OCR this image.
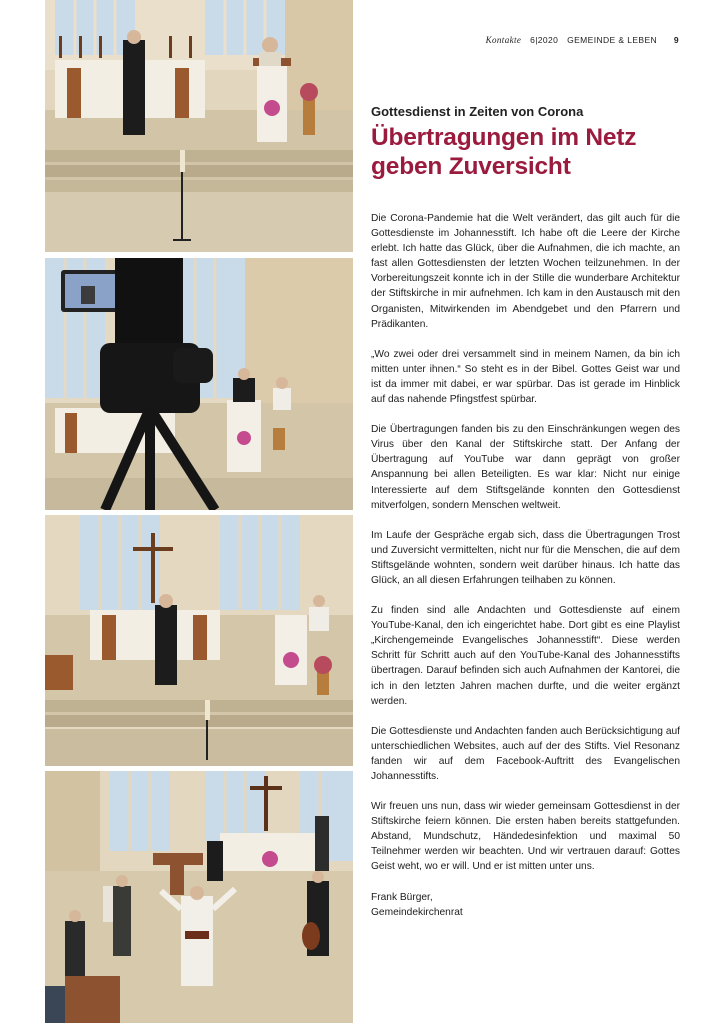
Kontakte 6|2020 GEMEINDE & LEBEN 9
Gottesdienst in Zeiten von Corona
Übertragungen im Netz
geben Zuversicht

Die Corona-Pandemie hat die Welt verändert, das gilt auch für die Gottesdienste im Johannesstift. Ich habe oft die Leere der Kirche erlebt. Ich hatte das Glück, über die Aufnahmen, die ich machte, an fast allen Gottesdiensten der letzten Wochen teilzunehmen. In der Vorbereitungszeit konnte ich in der Stille die wunderbare Architektur der Stiftskirche in mir aufnehmen. Ich kam in den Austausch mit den Organisten, Mitwirkenden im Abendgebet und den Pfarrern und Prädikanten.

„Wo zwei oder drei versammelt sind in meinem Namen, da bin ich mitten unter ihnen.“ So steht es in der Bibel. Gottes Geist war und ist da immer mit dabei, er war spürbar. Das ist gerade im Hinblick auf das nahende Pfingstfest spürbar.

Die Übertragungen fanden bis zu den Einschränkungen wegen des Virus über den Kanal der Stiftskirche statt. Der Anfang der Übertragung auf YouTube war dann geprägt von großer Anspannung bei allen Beteiligten. Es war klar: Nicht nur einige Interessierte auf dem Stiftsgelände konnten den Gottesdienst mitverfolgen, sondern Menschen weltweit.

Im Laufe der Gespräche ergab sich, dass die Übertragungen Trost und Zuversicht vermittelten, nicht nur für die Menschen, die auf dem Stiftsgelände wohnten, sondern weit darüber hinaus. Ich hatte das Glück, an all diesen Erfahrungen teilhaben zu können.

Zu finden sind alle Andachten und Gottesdienste auf einem YouTube-Kanal, den ich eingerichtet habe. Dort gibt es eine Playlist „Kirchengemeinde Evangelisches Johannesstift“. Diese werden Schritt für Schritt auch auf den YouTube-Kanal des Johannesstifts übertragen. Darauf befinden sich auch Aufnahmen der Kantorei, die ich in den letzten Jahren machen durfte, und die weiter ergänzt werden.

Die Gottesdienste und Andachten fanden auch Berücksichtigung auf unterschiedlichen Websites, auch auf der des Stifts. Viel Resonanz fanden wir auf dem Facebook-Auftritt des Evangelischen Johannesstifts.

Wir freuen uns nun, dass wir wieder gemeinsam Gottesdienst in der Stiftskirche feiern können. Die ersten haben bereits stattgefunden. Abstand, Mundschutz, Händedesinfektion und maximal 50 Teilnehmer werden wir beachten. Und wir vertrauen darauf: Gottes Geist weht, wo er will. Und er ist mitten unter uns.

Frank Bürger,
Gemeindekirchenrat
